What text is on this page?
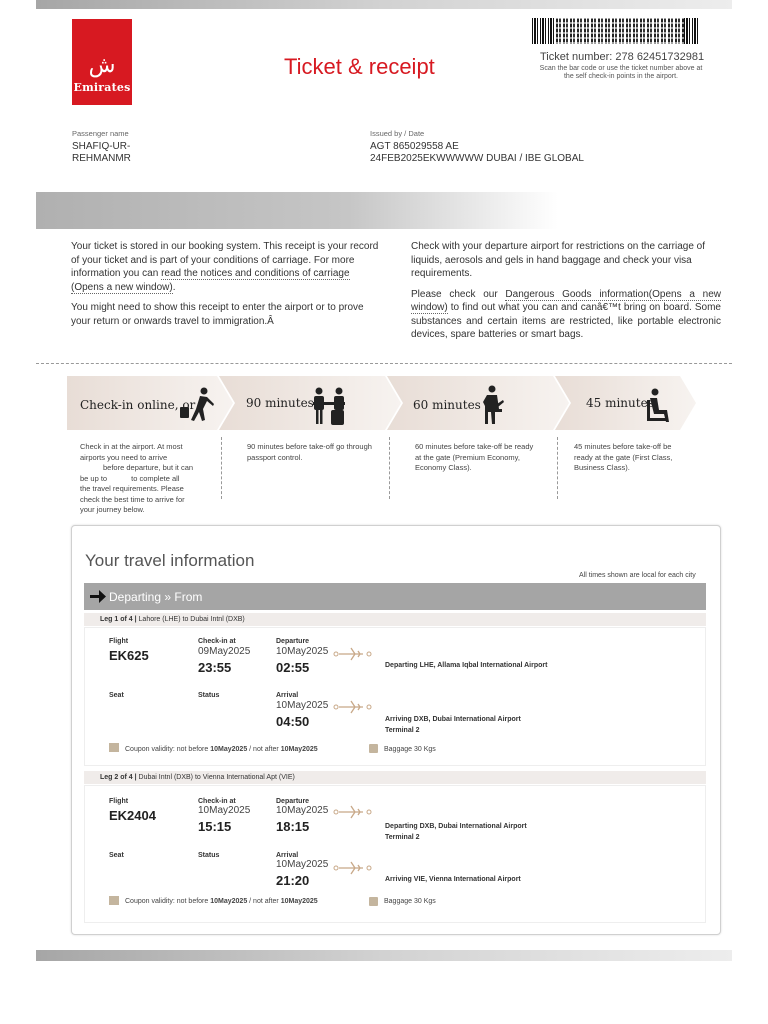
ش
Emirates
Ticket & receipt	Ticket number: 278 62451732981
Scan the bar code or use the ticket number above at the self check-in points in the airport.
Passenger name
SHAFIQ-UR-
REHMANMR
Issued by / Date
AGT 865029558 AE
24FEB2025EKWWWWW DUBAI / IBE GLOBAL

Your ticket is stored in our booking system. This receipt is your record of your ticket and is part of your conditions of carriage. For more information you can read the notices and conditions of carriage (Opens a new window).

You might need to show this receipt to enter the airport or to prove your return or onwards travel to immigration.Â

Check with your departure airport for restrictions on the carriage of liquids, aerosols and gels in hand baggage and check your visa requirements.

Please check our Dangerous Goods information(Opens a new window) to find out what you can and canâ€™t bring on board. Some substances and certain items are restricted, like portable electronic devices, spare batteries or smart bags.

Check-in online, or	90 minutes	60 minutes	45 minutes
Check in at the airport. At most
airports you need to arrive
before departure, but it can
be up to	to complete all
the travel requirements. Please
check the best time to arrive for
your journey below.
90 minutes before take-off go through passport control.
60 minutes before take-off be ready at the gate (Premium Economy, Economy Class).
45 minutes before take-off be ready at the gate (First Class, Business Class).
Your travel information
All times shown are local for each city
Departing » From
Leg 1 of 4 | Lahore (LHE) to Dubai Intnl (DXB)
Flight
EK625
Check-in at
09May2025
23:55
Departure
10May2025
02:55	Departing LHE, Allama Iqbal International Airport
Seat	Status	Arrival
10May2025
04:50	Arriving DXB, Dubai International Airport
Terminal 2
Coupon validity: not before 10May2025 / not after 10May2025	Baggage 30 Kgs
Leg 2 of 4 | Dubai Intnl (DXB) to Vienna International Apt (VIE)
Flight
EK2404
Check-in at
10May2025
15:15
Departure
10May2025
18:15	Departing DXB, Dubai International Airport
Terminal 2
Seat	Status	Arrival
10May2025
21:20	Arriving VIE, Vienna International Airport
Coupon validity: not before 10May2025 / not after 10May2025	Baggage 30 Kgs
